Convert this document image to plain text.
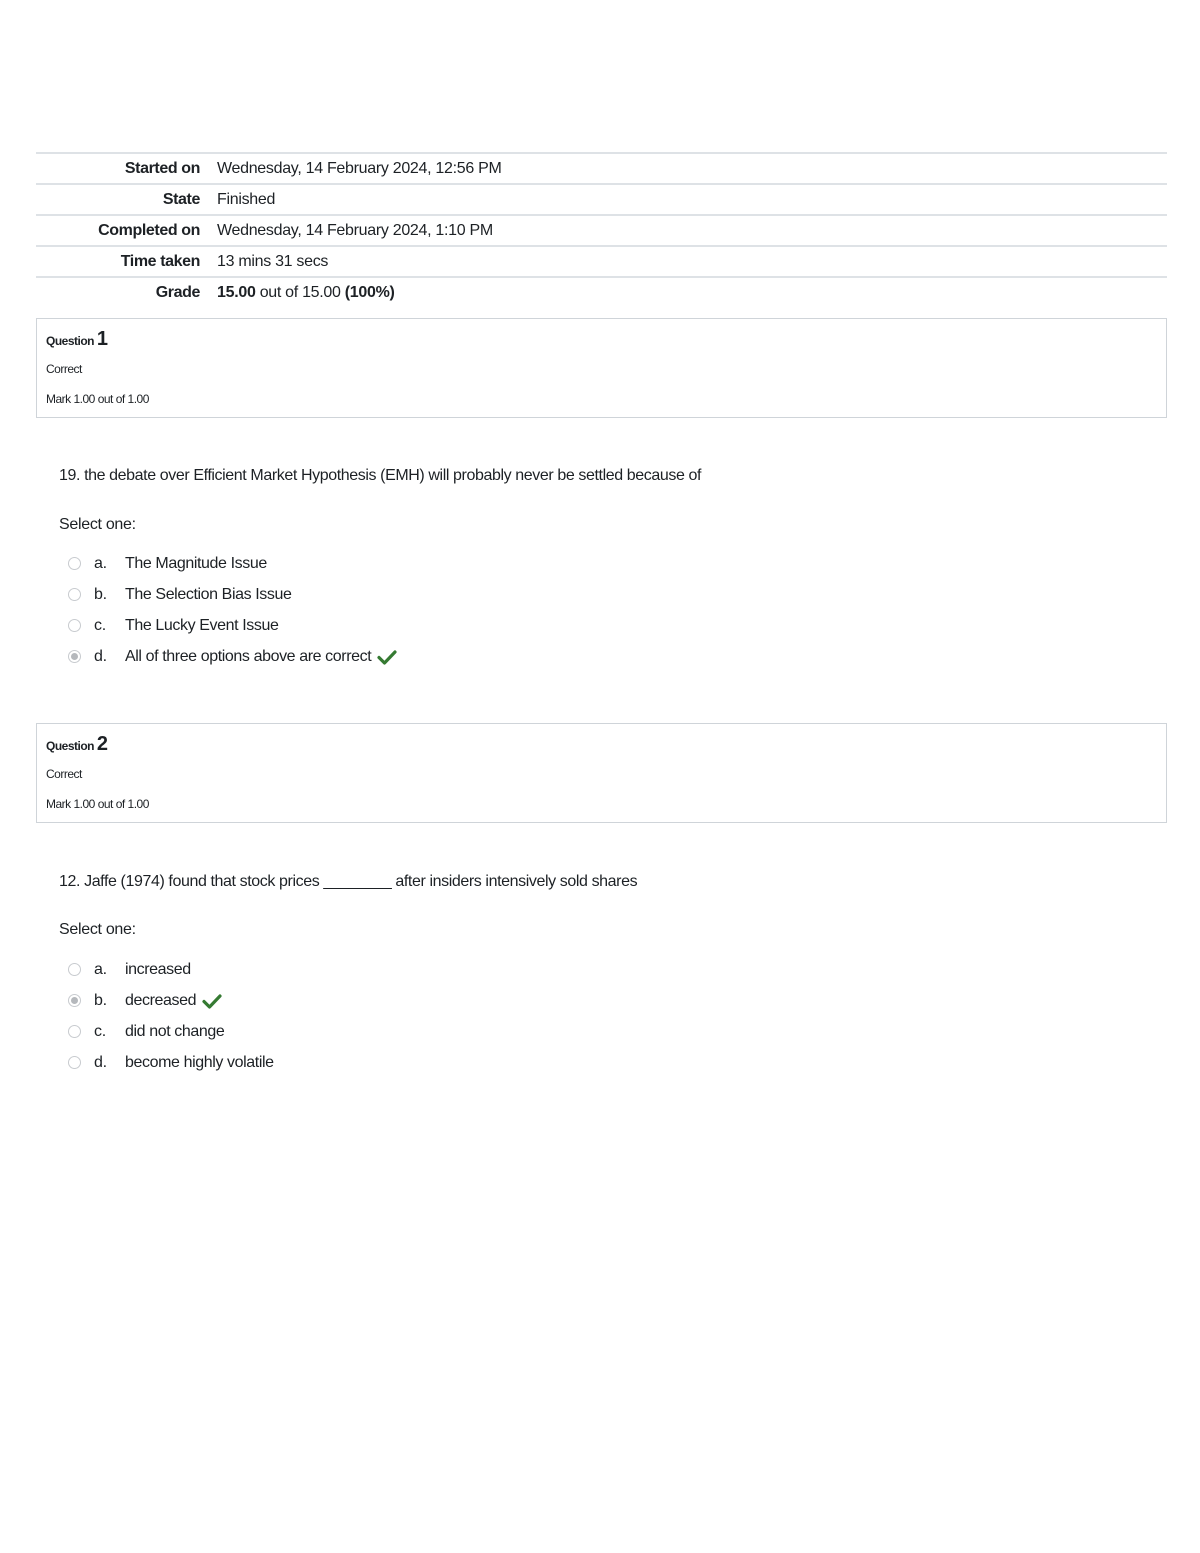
Started on	Wednesday, 14 February 2024, 12:56 PM
State	Finished
Completed on	Wednesday, 14 February 2024, 1:10 PM
Time taken	13 mins 31 secs
Grade	15.00 out of 15.00 (100%)
Question 1
Correct
Mark 1.00 out of 1.00
19. the debate over Efficient Market Hypothesis (EMH) will probably never be settled because of
Select one:
a.	The Magnitude Issue
b.	The Selection Bias Issue
c.	The Lucky Event Issue
d.	All of three options above are correct
Question 2
Correct
Mark 1.00 out of 1.00
12. Jaffe (1974) found that stock prices ________ after insiders intensively sold shares
Select one:
a.	increased
b.	decreased
c.	did not change
d.	become highly volatile
